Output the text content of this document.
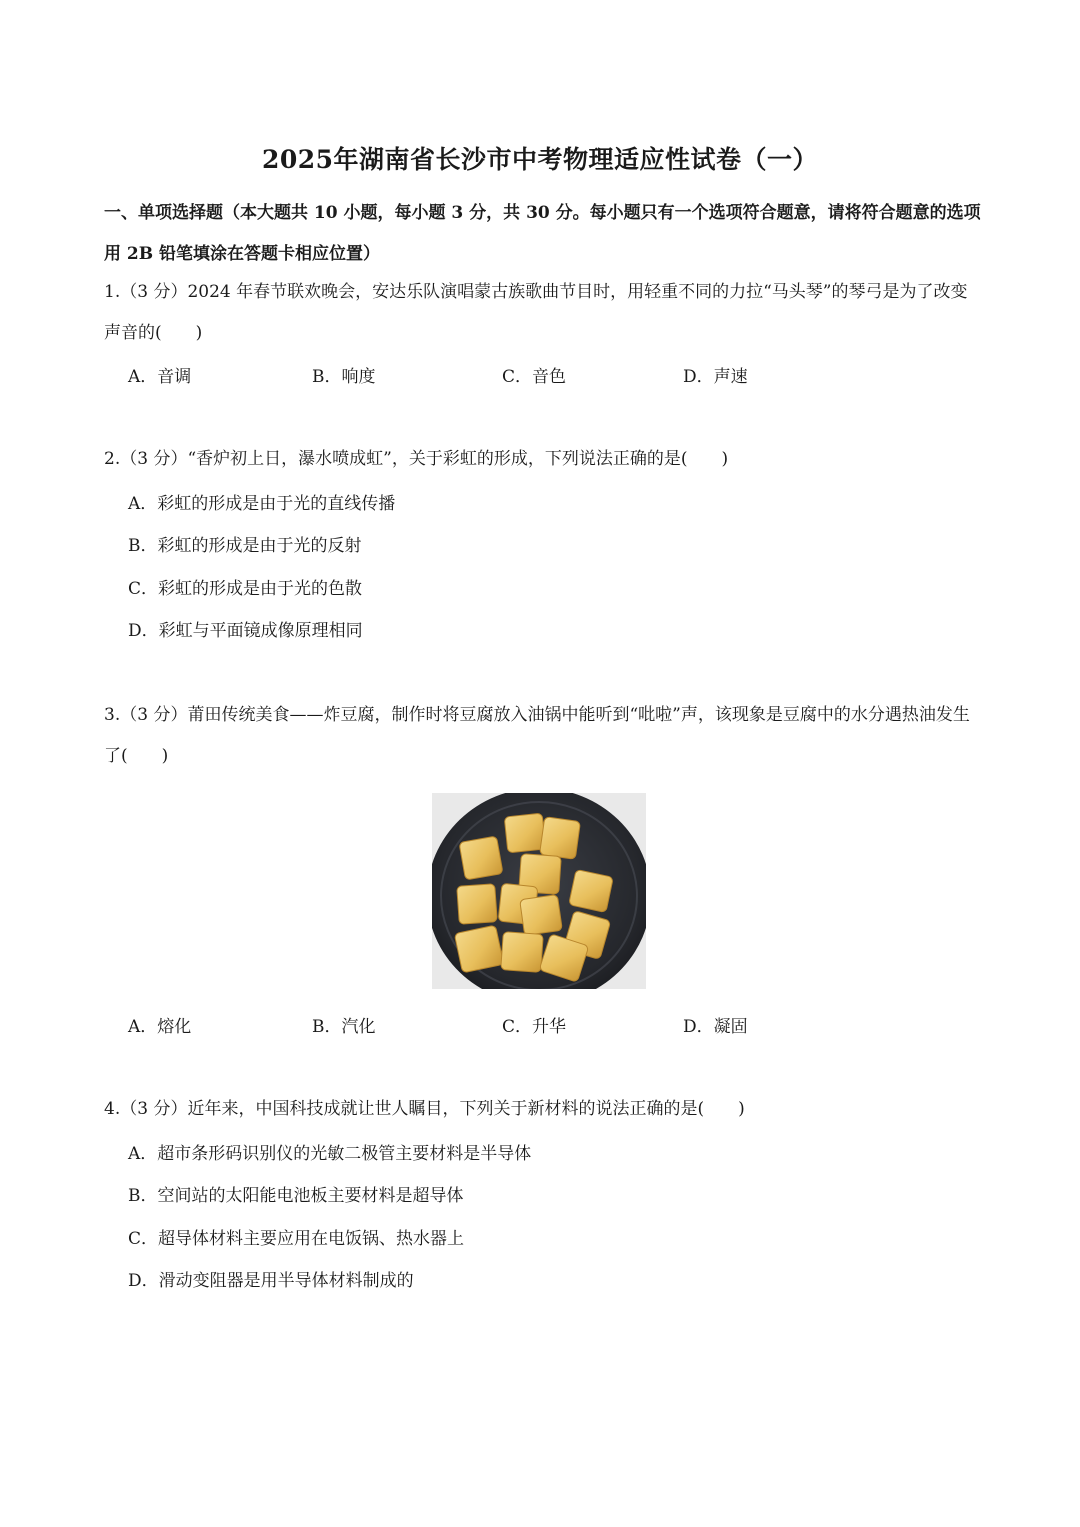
2025年湖南省长沙市中考物理适应性试卷（一）
一、单项选择题（本大题共 10 小题，每小题 3 分，共 30 分。每小题只有一个选项符合题意，请将符合题意的选项用 2B 铅笔填涂在答题卡相应位置）
1.（3 分）2024 年春节联欢晚会，安达乐队演唱蒙古族歌曲节目时，用轻重不同的力拉“马头琴”的琴弓是为了改变声音的(　　)
A．音调	B．响度	C．音色	D．声速
2.（3 分）“香炉初上日，瀑水喷成虹”，关于彩虹的形成，下列说法正确的是(　　)
A．彩虹的形成是由于光的直线传播
B．彩虹的形成是由于光的反射
C．彩虹的形成是由于光的色散
D．彩虹与平面镜成像原理相同
3.（3 分）莆田传统美食——炸豆腐，制作时将豆腐放入油锅中能听到“吡啦”声，该现象是豆腐中的水分遇热油发生了(　　)
A．熔化	B．汽化	C．升华	D．凝固
4.（3 分）近年来，中国科技成就让世人瞩目，下列关于新材料的说法正确的是(　　)
A．超市条形码识别仪的光敏二极管主要材料是半导体
B．空间站的太阳能电池板主要材料是超导体
C．超导体材料主要应用在电饭锅、热水器上
D．滑动变阻器是用半导体材料制成的
